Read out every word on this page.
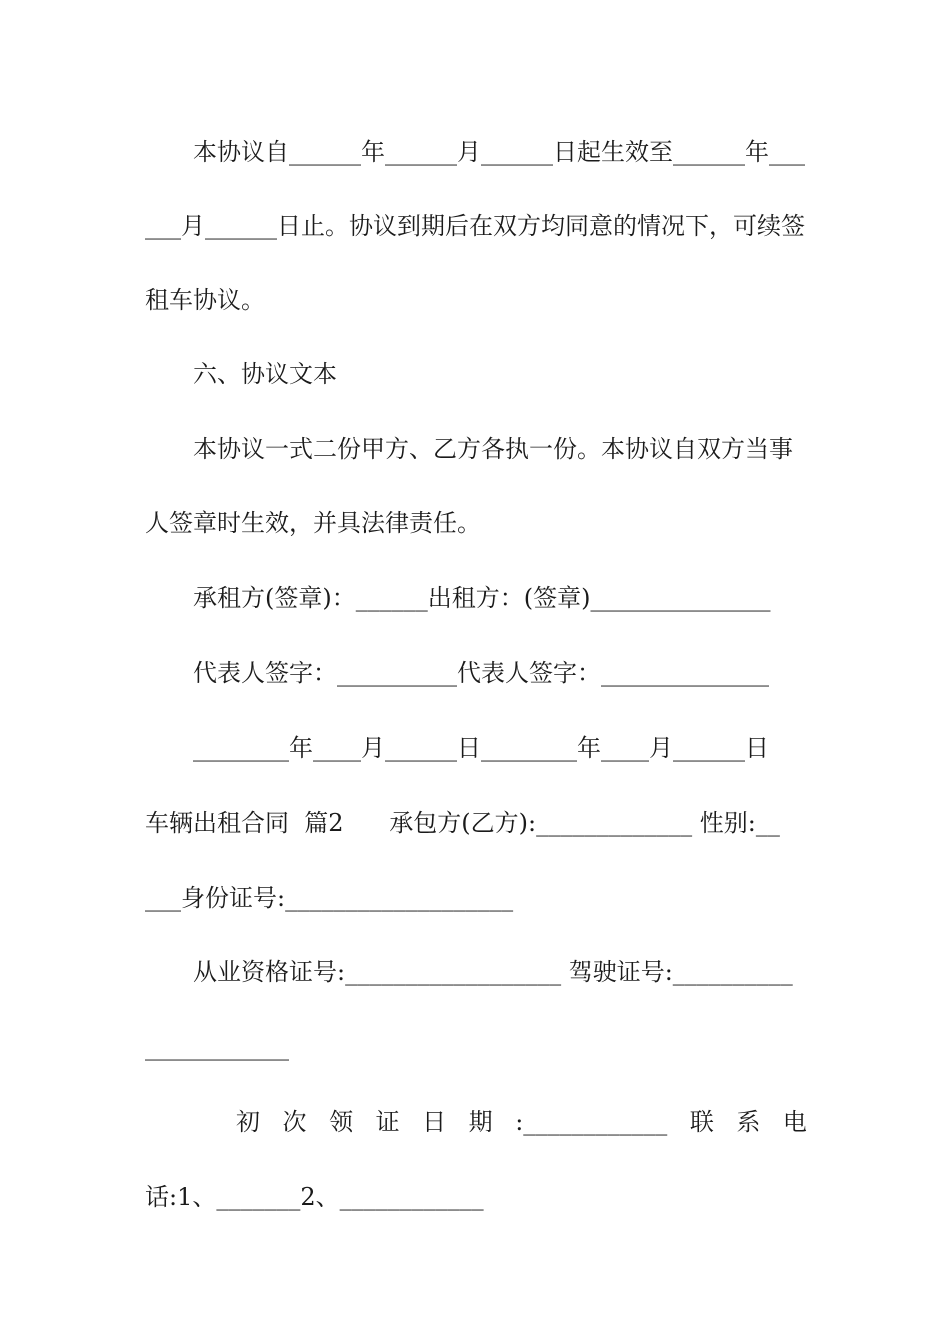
本协议自______年______月______日起生效至______年___
___月______日止。协议到期后在双方均同意的情况下，可续签
租车协议。
六、协议文本
本协议一式二份甲方、乙方各执一份。本协议自双方当事
人签章时生效，并具法律责任。
承租方(签章)：______出租方：(签章)_______________
代表人签字：__________代表人签字：______________
________年____月______日________年____月______日
车辆出租合同  篇2      承包方(乙方):_____________ 性别:__
___身份证号:___________________
从业资格证号:__________________ 驾驶证号:__________
____________
初 次 领 证 日 期 :____________ 联 系 电
话:1、_______2、____________
